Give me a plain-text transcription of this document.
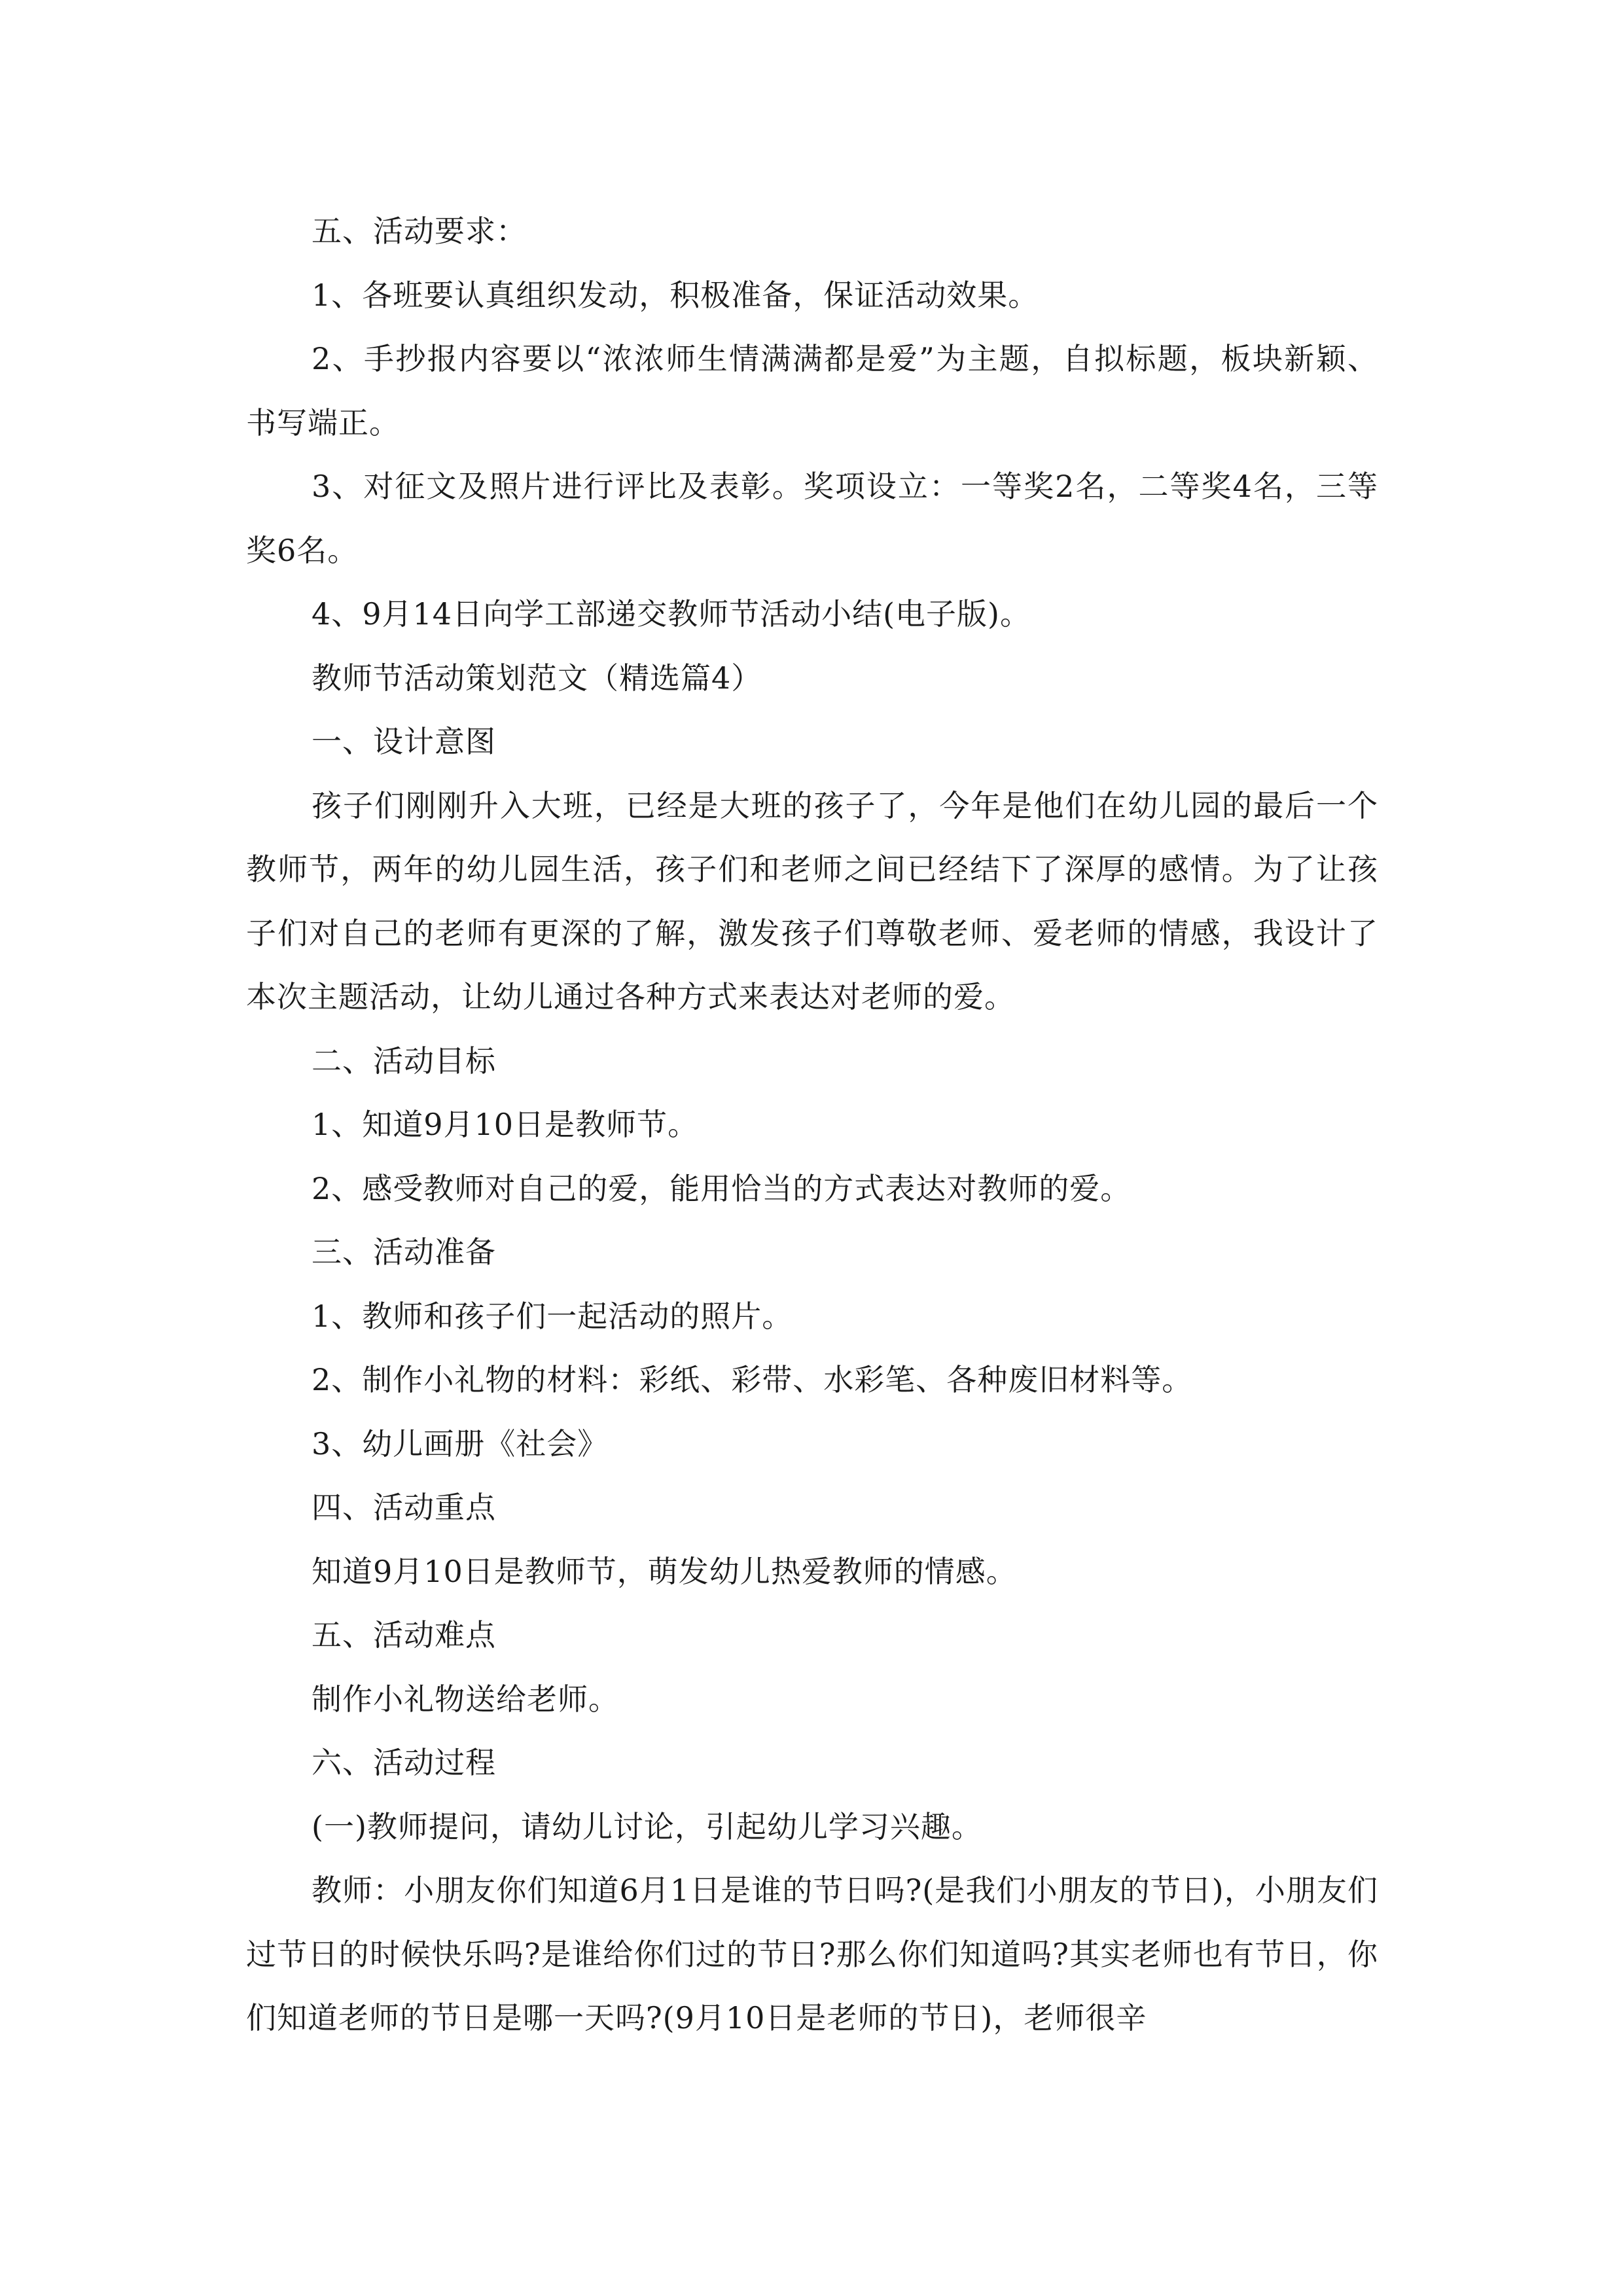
五、活动要求：

1、各班要认真组织发动，积极准备，保证活动效果。

2、手抄报内容要以“浓浓师生情满满都是爱”为主题，自拟标题，板块新颖、书写端正。

3、对征文及照片进行评比及表彰。奖项设立：一等奖2名，二等奖4名，三等奖6名。

4、9月14日向学工部递交教师节活动小结(电子版)。

教师节活动策划范文（精选篇4）

一、设计意图

孩子们刚刚升入大班，已经是大班的孩子了，今年是他们在幼儿园的最后一个教师节，两年的幼儿园生活，孩子们和老师之间已经结下了深厚的感情。为了让孩子们对自己的老师有更深的了解，激发孩子们尊敬老师、爱老师的情感，我设计了本次主题活动，让幼儿通过各种方式来表达对老师的爱。

二、活动目标

1、知道9月10日是教师节。

2、感受教师对自己的爱，能用恰当的方式表达对教师的爱。

三、活动准备

1、教师和孩子们一起活动的照片。

2、制作小礼物的材料：彩纸、彩带、水彩笔、各种废旧材料等。

3、幼儿画册《社会》

四、活动重点

知道9月10日是教师节，萌发幼儿热爱教师的情感。

五、活动难点

制作小礼物送给老师。

六、活动过程

(一)教师提问，请幼儿讨论，引起幼儿学习兴趣。

教师：小朋友你们知道6月1日是谁的节日吗?(是我们小朋友的节日)，小朋友们过节日的时候快乐吗?是谁给你们过的节日?那么你们知道吗?其实老师也有节日，你们知道老师的节日是哪一天吗?(9月10日是老师的节日)，老师很辛
